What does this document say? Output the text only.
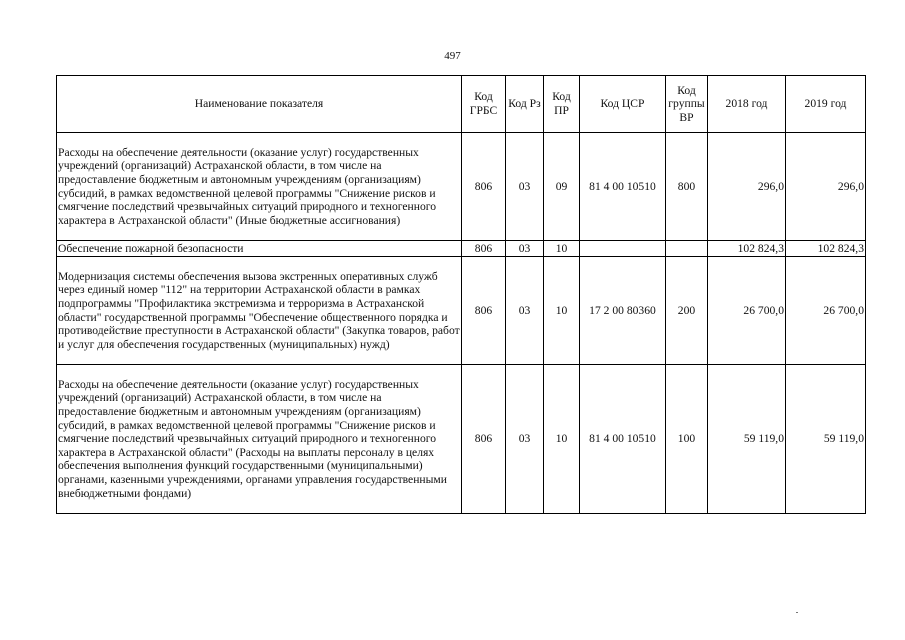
497
Наименование показателя	Код ГРБС	Код Рз	Код ПР	Код ЦСР	Код группы ВР	2018 год	2019 год
Расходы на обеспечение деятельности (оказание услуг) государственных учреждений (организаций) Астраханской области, в том числе на предоставление бюджетным и автономным учреждениям (организациям) субсидий, в рамках ведомственной целевой программы "Снижение рисков и смягчение последствий чрезвычайных ситуаций природного и техногенного характера в Астраханской области" (Иные бюджетные ассигнования)	806	03	09	81 4 00 10510	800	296,0	296,0
Обеспечение пожарной безопасности	806	03	10			102 824,3	102 824,3
Модернизация системы обеспечения вызова экстренных оперативных служб через единый номер "112" на территории Астраханской области в рамках подпрограммы "Профилактика экстремизма и терроризма в Астраханской области" государственной программы "Обеспечение общественного порядка и противодействие преступности в Астраханской области" (Закупка товаров, работ и услуг для обеспечения государственных (муниципальных) нужд)	806	03	10	17 2 00 80360	200	26 700,0	26 700,0
Расходы на обеспечение деятельности (оказание услуг) государственных учреждений (организаций) Астраханской области, в том числе на предоставление бюджетным и автономным учреждениям (организациям) субсидий, в рамках ведомственной целевой программы "Снижение рисков и смягчение последствий чрезвычайных ситуаций природного и техногенного характера в Астраханской области" (Расходы на выплаты персоналу в целях обеспечения выполнения функций государственными (муниципальными) органами, казенными учреждениями, органами управления государственными внебюджетными фондами)	806	03	10	81 4 00 10510	100	59 119,0	59 119,0
